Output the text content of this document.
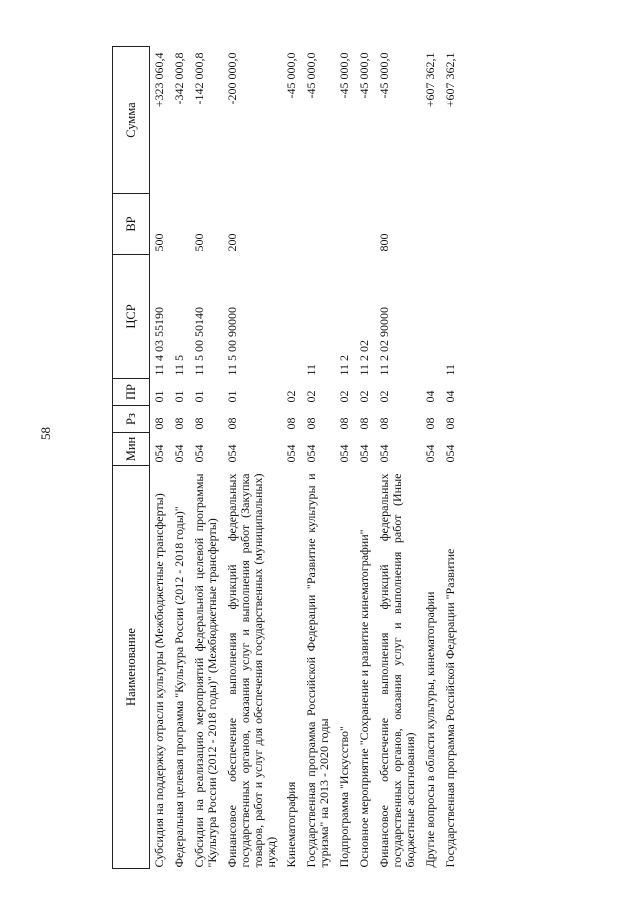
58
Наименование	Мин	Рз	ПР	ЦСР	ВР	Сумма
Субсидия на поддержку отрасли культуры (Межбюджетные трансферты)	054	08	01	11 4 03 55190	500	+323 060,4
Федеральная целевая программа "Культура России (2012 - 2018 годы)"	054	08	01	11 5		-342 000,8
Субсидии на реализацию мероприятий федеральной целевой программы "Культура России (2012 - 2018 годы)" (Межбюджетные трансферты)	054	08	01	11 5 00 50140	500	-142 000,8
Финансовое обеспечение выполнения функций федеральных государственных органов, оказания услуг и выполнения работ (Закупка товаров, работ и услуг для обеспечения государственных (муниципальных) нужд)	054	08	01	11 5 00 90000	200	-200 000,0
Кинематография	054	08	02			-45 000,0
Государственная программа Российской Федерации "Развитие культуры и туризма" на 2013 - 2020 годы	054	08	02	11		-45 000,0
Подпрограмма "Искусство"	054	08	02	11 2		-45 000,0
Основное мероприятие "Сохранение и развитие кинематографии"	054	08	02	11 2 02		-45 000,0
Финансовое обеспечение выполнения функций федеральных государственных органов, оказания услуг и выполнения работ (Иные бюджетные ассигнования)	054	08	02	11 2 02 90000	800	-45 000,0
Другие вопросы в области культуры, кинематографии	054	08	04			+607 362,1
Государственная программа Российской Федерации "Развитие	054	08	04	11		+607 362,1
